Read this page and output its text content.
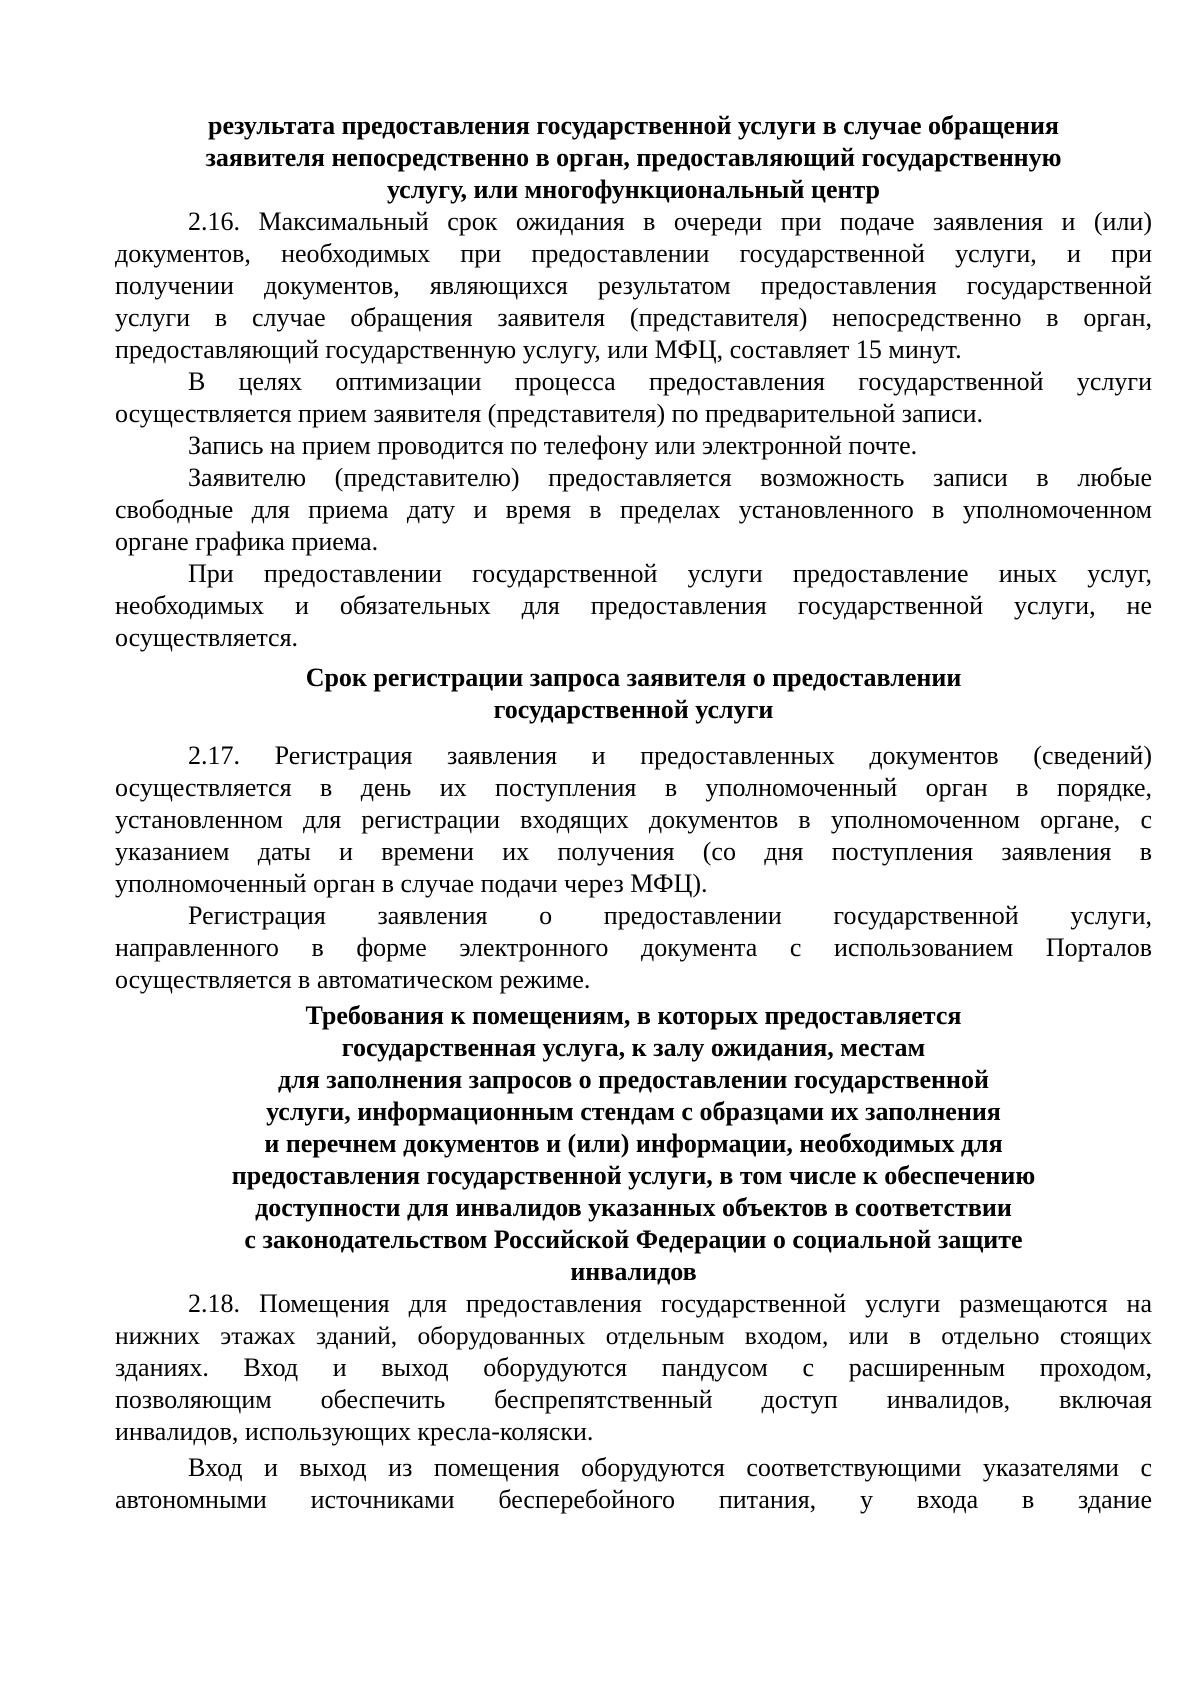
результата предоставления государственной услуги в случае обращения
заявителя непосредственно в орган, предоставляющий государственную
услугу, или многофункциональный центр
2.16. Максимальный срок ожидания в очереди при подаче заявления и (или)
документов, необходимых при предоставлении государственной услуги, и при
получении документов, являющихся результатом предоставления государственной
услуги в случае обращения заявителя (представителя) непосредственно в орган,
предоставляющий государственную услугу, или МФЦ, составляет 15 минут.
В целях оптимизации процесса предоставления государственной услуги
осуществляется прием заявителя (представителя) по предварительной записи.
Запись на прием проводится по телефону или электронной почте.
Заявителю (представителю) предоставляется возможность записи в любые
свободные для приема дату и время в пределах установленного в уполномоченном
органе графика приема.
При предоставлении государственной услуги предоставление иных услуг,
необходимых и обязательных для предоставления государственной услуги, не
осуществляется.
Срок регистрации запроса заявителя о предоставлении
государственной услуги
2.17. Регистрация заявления и предоставленных документов (сведений)
осуществляется в день их поступления в уполномоченный орган в порядке,
установленном для регистрации входящих документов в уполномоченном органе, с
указанием даты и времени их получения (со дня поступления заявления в
уполномоченный орган в случае подачи через МФЦ).
Регистрация заявления о предоставлении государственной услуги,
направленного в форме электронного документа с использованием Порталов
осуществляется в автоматическом режиме.
Требования к помещениям, в которых предоставляется
государственная услуга, к залу ожидания, местам
для заполнения запросов о предоставлении государственной
услуги, информационным стендам с образцами их заполнения
и перечнем документов и (или) информации, необходимых для
предоставления государственной услуги, в том числе к обеспечению
доступности для инвалидов указанных объектов в соответствии
с законодательством Российской Федерации о социальной защите
инвалидов
2.18. Помещения для предоставления государственной услуги размещаются на
нижних этажах зданий, оборудованных отдельным входом, или в отдельно стоящих
зданиях. Вход и выход оборудуются пандусом с расширенным проходом,
позволяющим обеспечить беспрепятственный доступ инвалидов, включая
инвалидов, использующих кресла-коляски.
Вход и выход из помещения оборудуются соответствующими указателями с
автономными источниками бесперебойного питания, у входа в здание
